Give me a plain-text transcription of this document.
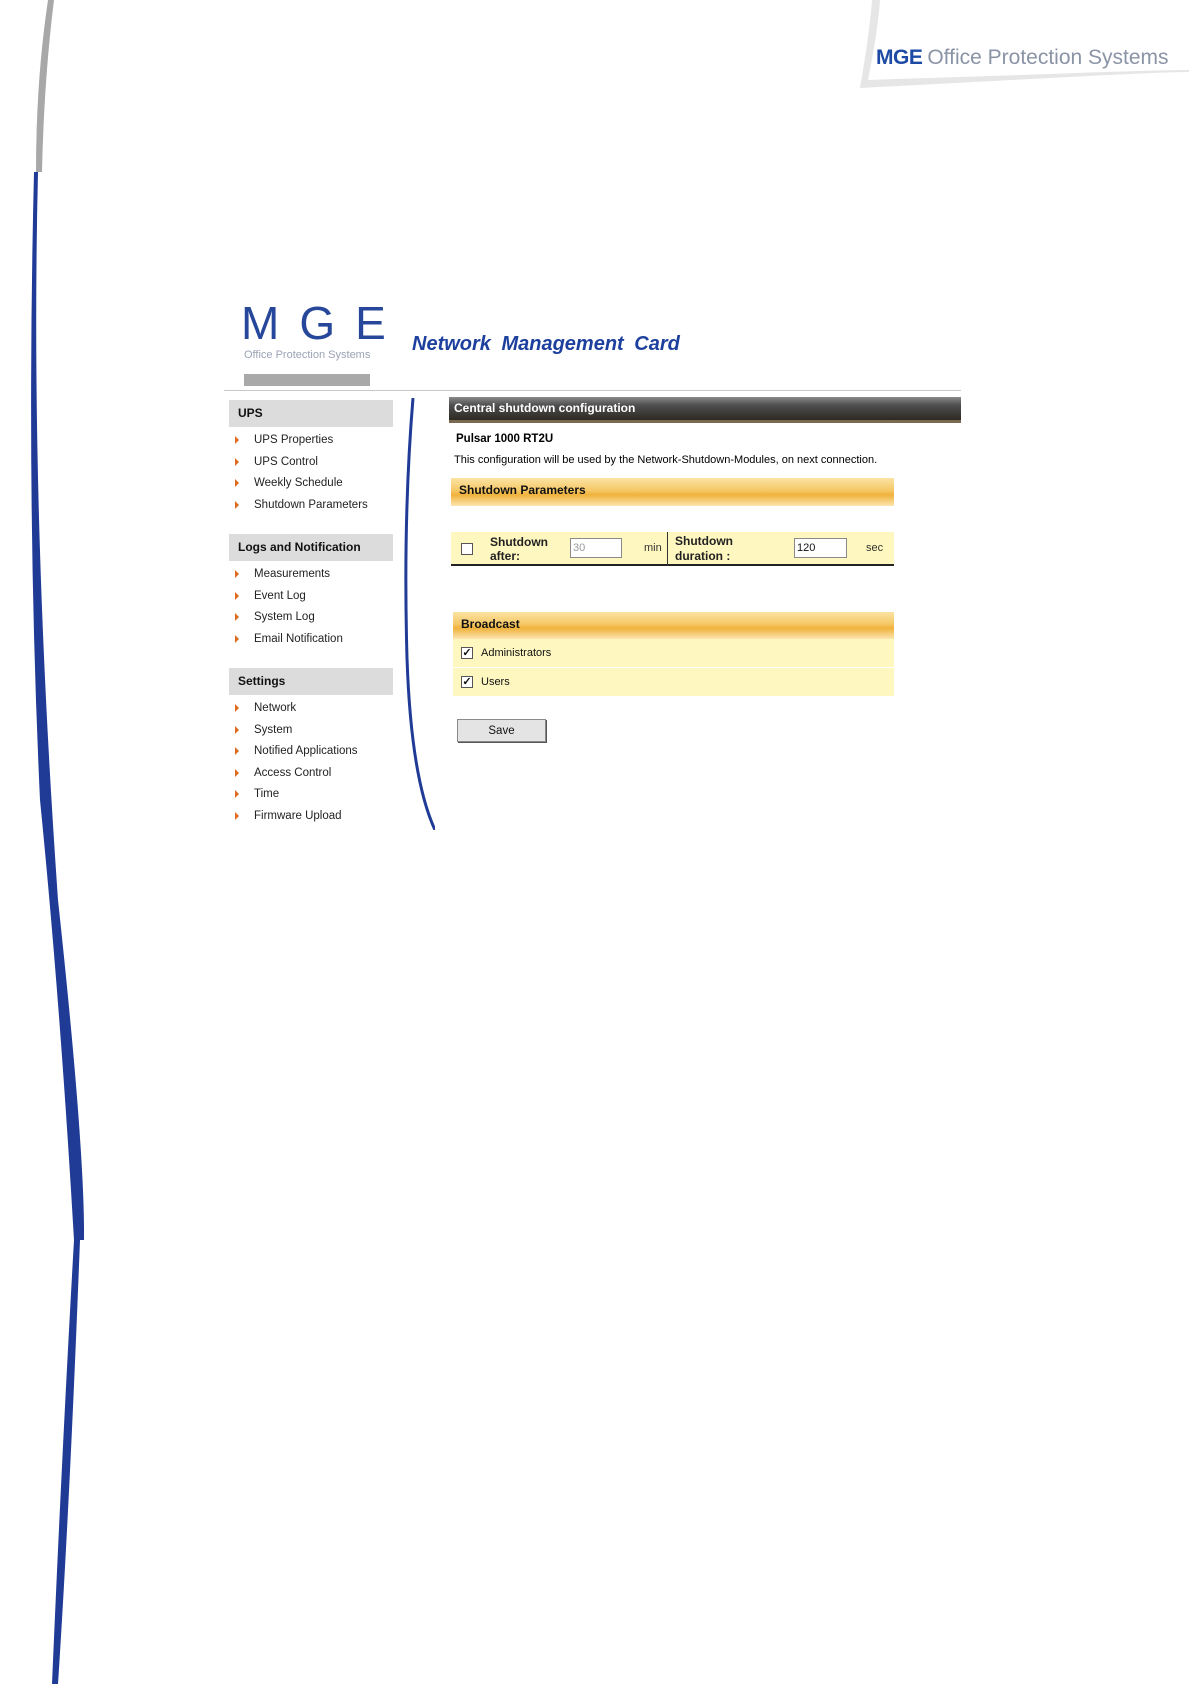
MGE Office Protection Systems
MGE
Office Protection Systems Network Management Card
UPS
UPS Properties
UPS Control
Weekly Schedule
Shutdown Parameters
Logs and Notification
Measurements
Event Log
System Log
Email Notification
Settings
Network
System
Notified Applications
Access Control
Time
Firmware Upload
Central shutdown configuration
Pulsar 1000 RT2U
This configuration will be used by the Network-Shutdown-Modules, on next connection.
Shutdown Parameters
Shutdown after:
30
min Shutdown duration :
120
sec
Broadcast
✓ Administrators
✓ Users
Save
